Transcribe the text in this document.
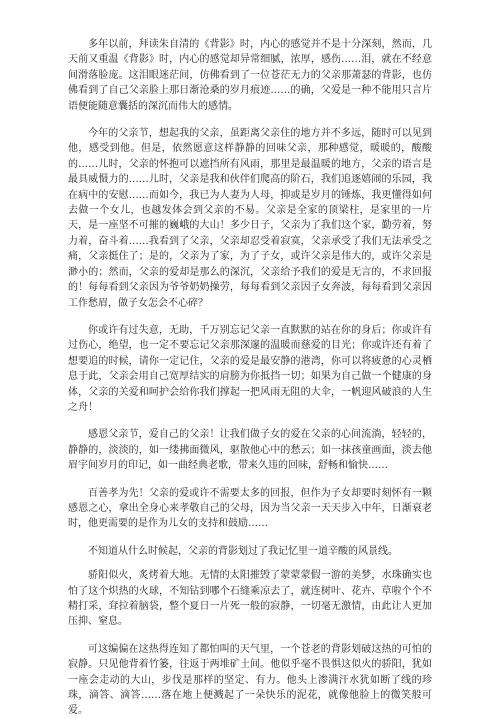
多年以前，拜读朱自清的《背影》时，内心的感觉并不是十分深刻，然而，几天前又重温《背影》时，内心的感觉却异常细腻，浓厚，感伤……泪，就在不经意间滑落脸庞。这泪眼迷茫间，仿佛看到了一位苍茫无力的父亲那萧瑟的背影，也仿佛看到了自己父亲脸上那日渐沧桑的岁月痕迹……的确，父爱是一种不能用只言片语便能随意囊括的深沉而伟大的感情。

今年的父亲节，想起我的父亲，虽距离父亲住的地方并不多远，随时可以见到他，感受到他。但是，依然愿意这样静静的回味父亲，那种感觉，暖暖的，酸酸的……儿时，父亲的怀抱可以遮挡所有风雨，那里是最温暖的地方，父亲的语言是最具威慑力的……儿时，父亲是我和伙伴们爬高的阶石，我们追逐嬉闹的乐园，我在病中的安慰……而如今，我已为人妻为人母，抑或是岁月的锤炼，我更懂得如何去做一个女儿，也越发体会到父亲的不易。父亲是全家的顶梁柱，是家里的一片天，是一座坚不可摧的巍峨的大山！多少日子，父亲为了我们这个家，勤劳着，努力着，奋斗着……我看到了父亲，父亲却忍受着寂寞，父亲承受了我们无法承受之痛，父亲挺住了；是的，父亲为了家，为了子女，或许父亲是伟大的，或许父亲是渺小的；然而，父亲的爱却是那么的深沉，父亲给予我们的爱是无言的，不求回报的！每每看到父亲因为爷爷奶奶操劳，每每看到父亲因子女奔波，每每看到父亲因工作愁眉，做子女怎会不心碎？

你或许有过失意，无助，千万别忘记父亲一直默默的站在你的身后；你或许有过伤心，绝望，也一定不要忘记父亲那深邃的温暖而慈爱的目光；你或许还有着了想要追的时候，请你一定记住，父亲的爱是最安静的港湾，你可以将疲惫的心灵栖息于此，父亲会用自己宽厚结实的肩膀为你抵挡一切；如果为自己做一个健康的身体，父亲的关爱和呵护会给你我们撑起一把风雨无阻的大伞，一帆迎风破浪的人生之舟！

感恩父亲节，爱自己的父亲！让我们做子女的爱在父亲的心间流淌，轻轻的，静静的，淡淡的，如一缕拂面微风，驱散他心中的愁云；如一抹孩童画面，淡去他眉宇间岁月的印记，如一曲经典老歌，带来久违的回味，舒畅和愉快……

百善孝为先！父亲的爱或许不需要太多的回报，但作为子女却要时刻怀有一颗感恩之心，拿出全身心来孝敬自己的父母，因为当父亲一天天步入中年，日渐衰老时，他更需要的是作为儿女的支持和鼓励……

不知道从什么时候起，父亲的背影划过了我记忆里一道辛酸的风景线。

骄阳似火，炙烤着大地。无情的太阳摧毁了蒙蒙蒙假一游的美梦，水珠确实也怕了这个炽热的火球，不知钻到哪个石缝乘凉去了，就连树叶、花卉、草啦个个不精打采，耷拉着脑袋，整个夏日一片死一般的寂静，一切毫无激情，由此让人更加压抑、窒息。

可这编偏在这热得连知了都怕叫的天气里，一个苍老的背影划破这热的可怕的寂静。只见他背着竹篓，往返于两堆矿土间。他似乎毫不畏惧这似火的骄阳，犹如一座会走动的大山，步伐是那样的坚定、有力。他头上渗满汗水犹如断了线的珍珠，滴答、滴答……落在地上便溅起了一朵快乐的泥花，就像他脸上的微笑般可爱。
